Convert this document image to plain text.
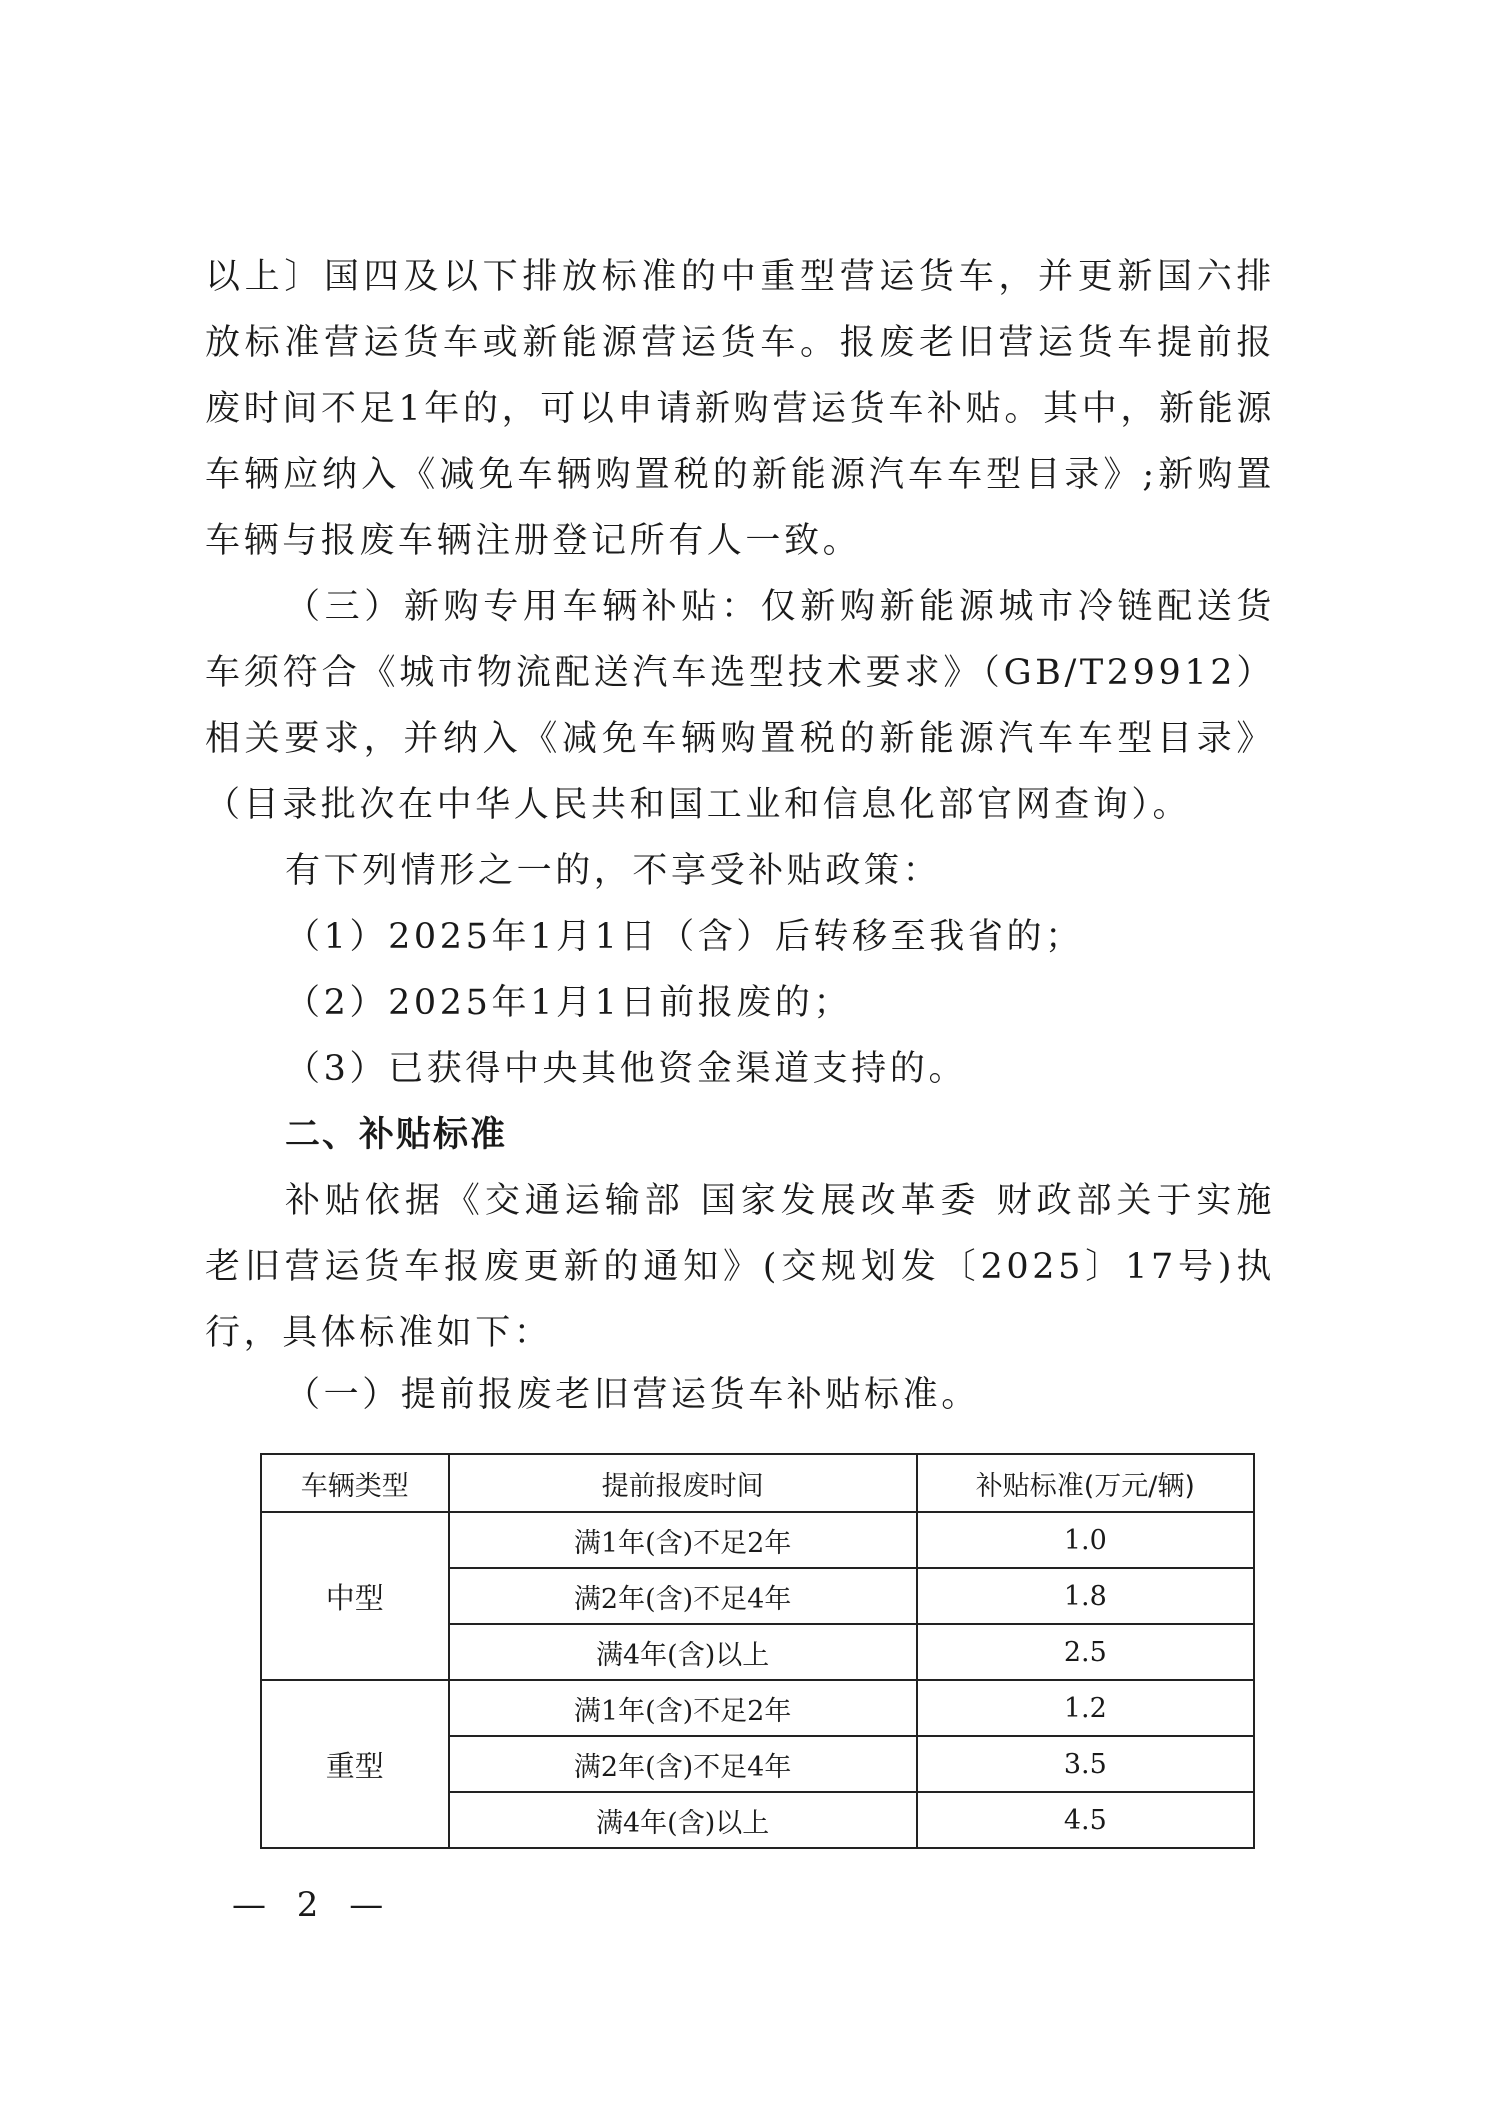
以上〕国四及以下排放标准的中重型营运货车，并更新国六排放标准营运货车或新能源营运货车。报废老旧营运货车提前报废时间不足1年的，可以申请新购营运货车补贴。其中，新能源车辆应纳入《减免车辆购置税的新能源汽车车型目录》;新购置车辆与报废车辆注册登记所有人一致。

（三）新购专用车辆补贴：仅新购新能源城市冷链配送货车须符合《城市物流配送汽车选型技术要求》（GB/T29912）相关要求，并纳入《减免车辆购置税的新能源汽车车型目录》（目录批次在中华人民共和国工业和信息化部官网查询）。

有下列情形之一的，不享受补贴政策：

（1）2025年1月1日（含）后转移至我省的；

（2）2025年1月1日前报废的；

（3）已获得中央其他资金渠道支持的。

二、补贴标准

补贴依据《交通运输部 国家发展改革委 财政部关于实施老旧营运货车报废更新的通知》(交规划发〔2025〕17号)执行，具体标准如下：

（一）提前报废老旧营运货车补贴标准。

车辆类型	提前报废时间	补贴标准(万元/辆)
中型	满1年(含)不足2年	1.0
	满2年(含)不足4年	1.8
	满4年(含)以上	2.5
重型	满1年(含)不足2年	1.2
	满2年(含)不足4年	3.5
	满4年(含)以上	4.5
— 2 —
